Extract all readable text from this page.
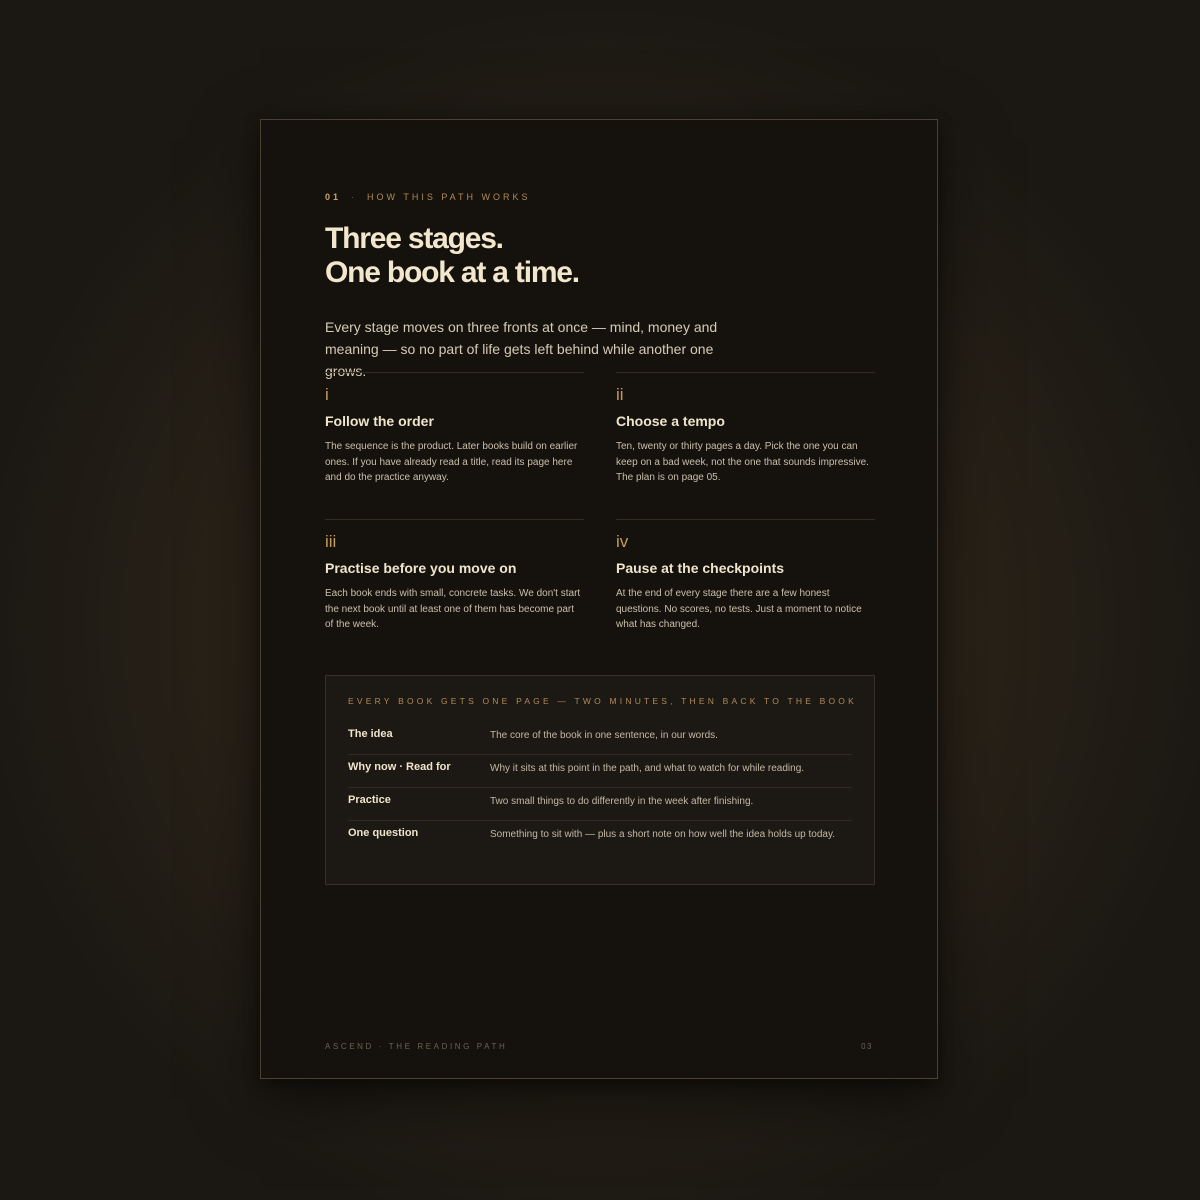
01 · HOW THIS PATH WORKS
Three stages.
One book at a time.

Every stage moves on three fronts at once — mind, money and meaning — so no part of life gets left behind while another one grows.

i
Follow the order

The sequence is the product. Later books build on earlier ones. If you have already read a title, read its page here and do the practice anyway.

ii
Choose a tempo

Ten, twenty or thirty pages a day. Pick the one you can keep on a bad week, not the one that sounds impressive. The plan is on page 05.

iii
Practise before you move on

Each book ends with small, concrete tasks. We don't start the next book until at least one of them has become part of the week.

iv
Pause at the checkpoints

At the end of every stage there are a few honest questions. No scores, no tests. Just a moment to notice what has changed.

EVERY BOOK GETS ONE PAGE — TWO MINUTES, THEN BACK TO THE BOOK
The idea	The core of the book in one sentence, in our words.
Why now · Read for	Why it sits at this point in the path, and what to watch for while reading.
Practice	Two small things to do differently in the week after finishing.
One question	Something to sit with — plus a short note on how well the idea holds up today.
ASCEND · THE READING PATH	03
